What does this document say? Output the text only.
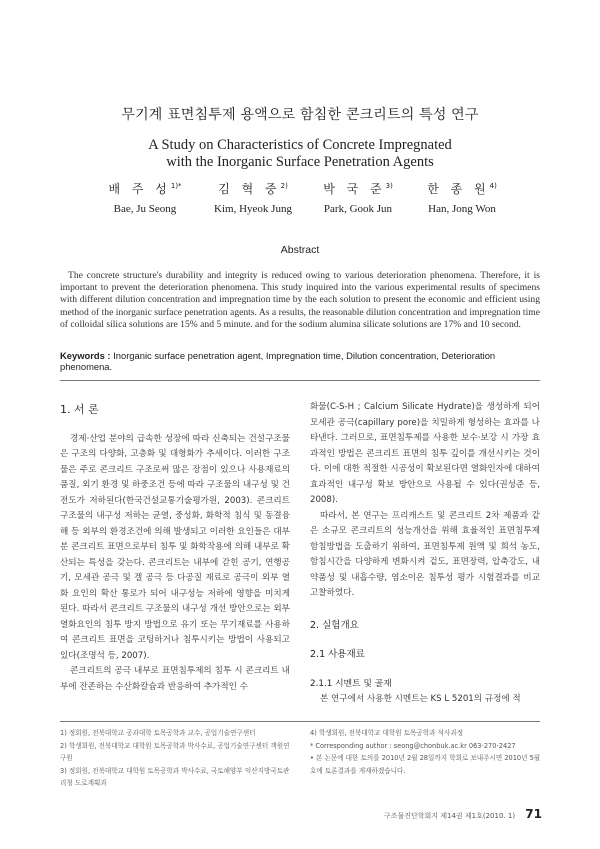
무기계 표면침투제 용액으로 함침한 콘크리트의 특성 연구
A Study on Characteristics of Concrete Impregnated
with the Inorganic Surface Penetration Agents
배 주 성$^{1)*}$
Bae, Ju Seong
김 혁 중$^{2)}$
Kim, Hyeok Jung
박 국 준$^{3)}$
Park, Gook Jun
한 종 원$^{4)}$
Han, Jong Won
Abstract
The concrete structure's durability and integrity is reduced owing to various deterioration phenomena. Therefore, it is important to prevent the deterioration phenomena. This study inquired into the various experimental results of specimens with different dilution concentration and impregnation time by the each solution to present the economic and efficient using method of the inorganic surface penetration agents. As a results, the reasonable dilution concentration and impregnation time of colloidal silica solutions are 15% and 5 minute. and for the sodium alumina silicate solutions are 17% and 10 second.
Keywords : Inorganic surface penetration agent, Impregnation time, Dilution concentration, Deterioration phenomena.
1. 서 론

경제·산업 분야의 급속한 성장에 따라 신축되는 건설구조물은 구조의 다양화, 고층화 및 대형화가 추세이다. 이러한 구조물은 주로 콘크리트 구조로써 많은 장점이 있으나 사용재료의 품질, 외기 환경 및 하중조건 등에 따라 구조물의 내구성 및 건전도가 저하된다(한국건설교통기술평가원, 2003). 콘크리트 구조물의 내구성 저하는 균열, 중성화, 화학적 침식 및 동결융해 등 외부의 환경조건에 의해 발생되고 이러한 요인들은 대부분 콘크리트 표면으로부터 침투 및 화학작용에 의해 내부로 확산되는 특성을 갖는다. 콘크리트는 내부에 갇힌 공기, 연행공기, 모세관 공극 및 겔 공극 등 다공질 재료로 공극이 외부 열화 요인의 확산 통로가 되어 내구성능 저하에 영향을 미치게 된다. 따라서 콘크리트 구조물의 내구성 개선 방안으로는 외부 열화요인의 침투 방지 방법으로 유기 또는 무기재료를 사용하여 콘크리트 표면을 코팅하거나 침투시키는 방법이 사용되고 있다(조명석 등, 2007).

콘크리트의 공극 내부로 표면침투제의 침투 시 콘크리트 내부에 잔존하는 수산화칼슘과 반응하여 추가적인 수

화물(C-S-H ; Calcium Silicate Hydrate)을 생성하게 되어 모세관 공극(capillary pore)을 치밀하게 형성하는 효과를 나타낸다. 그러므로, 표면침투제를 사용한 보수·보강 시 가장 효과적인 방법은 콘크리트 표면의 침투 깊이를 개선시키는 것이다. 이에 대한 적절한 시공성이 확보된다면 열화인자에 대하여 효과적인 내구성 확보 방안으로 사용될 수 있다(권성준 등, 2008).

따라서, 본 연구는 프리캐스트 및 콘크리트 2차 제품과 같은 소규모 콘크리트의 성능개선을 위해 효율적인 표면침투제 함침방법을 도출하기 위하여, 표면침투제 원액 및 희석 농도, 함침시간을 다양하게 변화시켜 겉도, 표면장력, 압축강도, 내약품성 및 내흡수량, 염소이온 침투성 평가 시험결과를 비교 고찰하였다.

2. 실험개요
2.1 사용재료
2.1.1 시멘트 및 골재

본 연구에서 사용한 시멘트는 KS L 5201의 규정에 적

1) 정회원, 전북대학교 공과대학 토목공학과 교수, 공업기술연구센터
2) 학생회원, 전북대학교 대학원 토목공학과 박사수료, 공업기술연구센터 객원연구원
3) 정회원, 전북대학교 대학원 토목공학과 박사수료, 국토해양부 익산지방국토관리청 도로계획과
4) 학생회원, 전북대학교 대학원 토목공학과 석사과정
* Corresponding author : seong@chonbuk.ac.kr 063-270-2427
• 본 논문에 대한 토의를 2010년 2월 28일까지 학회로 보내주시면 2010년 5월호에 토론결과를 게재하겠습니다.
구조물진단학회지 제14권 제1호(2010. 1) 71
